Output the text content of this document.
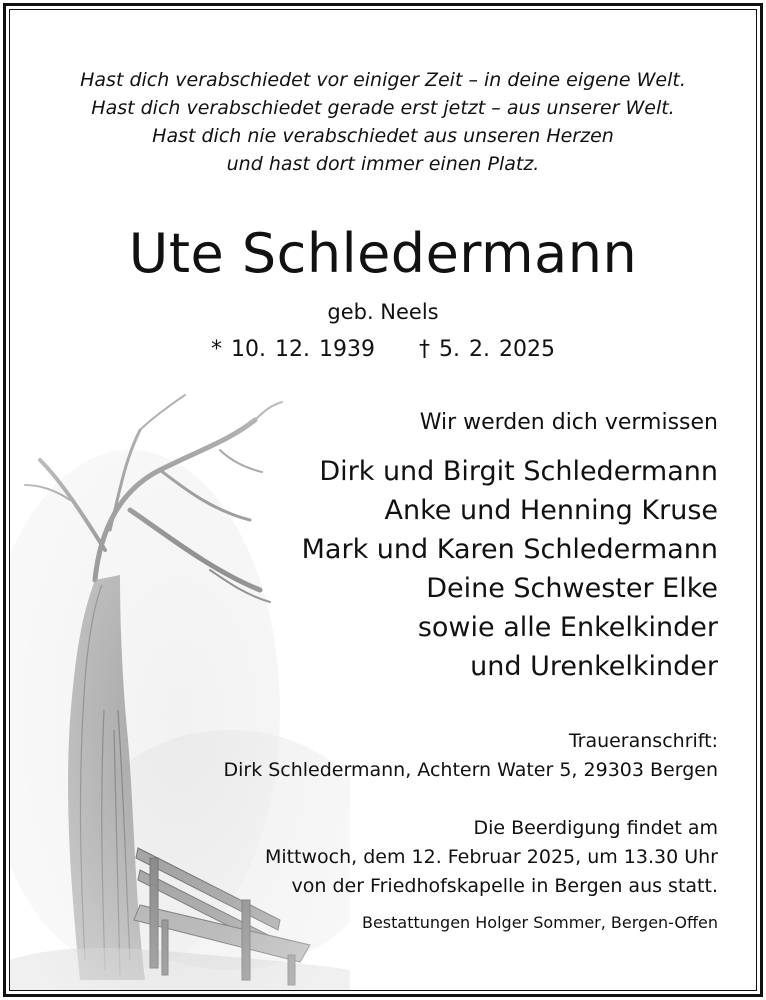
Hast dich verabschiedet vor einiger Zeit – in deine eigene Welt.
Hast dich verabschiedet gerade erst jetzt – aus unserer Welt.
Hast dich nie verabschiedet aus unseren Herzen
und hast dort immer einen Platz.
Ute Schledermann
geb. Neels
* 10. 12. 1939 † 5. 2. 2025
Wir werden dich vermissen
Dirk und Birgit Schledermann
Anke und Henning Kruse
Mark und Karen Schledermann
Deine Schwester Elke
sowie alle Enkelkinder
und Urenkelkinder
Traueranschrift:
Dirk Schledermann, Achtern Water 5, 29303 Bergen
Die Beerdigung findet am
Mittwoch, dem 12. Februar 2025, um 13.30 Uhr
von der Friedhofskapelle in Bergen aus statt.
Bestattungen Holger Sommer, Bergen-Offen
